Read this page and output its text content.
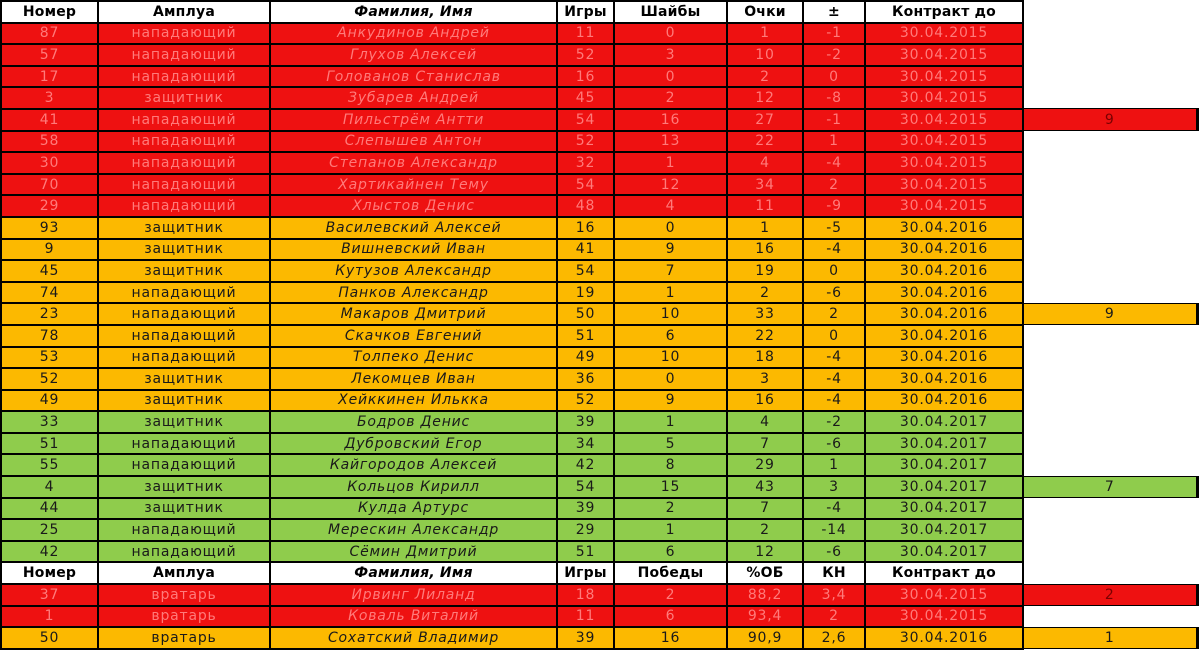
Номер	Амплуа	Фамилия, Имя	Игры	Шайбы	Очки	±	Контракт до	
87	нападающий	Анкудинов Андрей	11	0	1	-1	30.04.2015	
57	нападающий	Глухов Алексей	52	3	10	-2	30.04.2015	
17	нападающий	Голованов Станислав	16	0	2	0	30.04.2015	
3	защитник	Зубарев Андрей	45	2	12	-8	30.04.2015	
41	нападающий	Пильстрём Антти	54	16	27	-1	30.04.2015	9
58	нападающий	Слепышев Антон	52	13	22	1	30.04.2015	
30	нападающий	Степанов Александр	32	1	4	-4	30.04.2015	
70	нападающий	Хартикайнен Тему	54	12	34	2	30.04.2015	
29	нападающий	Хлыстов Денис	48	4	11	-9	30.04.2015	
93	защитник	Василевский Алексей	16	0	1	-5	30.04.2016	
9	защитник	Вишневский Иван	41	9	16	-4	30.04.2016	
45	защитник	Кутузов Александр	54	7	19	0	30.04.2016	
74	нападающий	Панков Александр	19	1	2	-6	30.04.2016	
23	нападающий	Макаров Дмитрий	50	10	33	2	30.04.2016	9
78	нападающий	Скачков Евгений	51	6	22	0	30.04.2016	
53	нападающий	Толпеко Денис	49	10	18	-4	30.04.2016	
52	защитник	Лекомцев Иван	36	0	3	-4	30.04.2016	
49	защитник	Хейккинен Илькка	52	9	16	-4	30.04.2016	
33	защитник	Бодров Денис	39	1	4	-2	30.04.2017	
51	нападающий	Дубровский Егор	34	5	7	-6	30.04.2017	
55	нападающий	Кайгородов Алексей	42	8	29	1	30.04.2017	
4	защитник	Кольцов Кирилл	54	15	43	3	30.04.2017	7
44	защитник	Кулда Артурс	39	2	7	-4	30.04.2017	
25	нападающий	Мерескин Александр	29	1	2	-14	30.04.2017	
42	нападающий	Сёмин Дмитрий	51	6	12	-6	30.04.2017	
Номер	Амплуа	Фамилия, Имя	Игры	Победы	%ОБ	КН	Контракт до	
37	вратарь	Ирвинг Лиланд	18	2	88,2	3,4	30.04.2015	2
1	вратарь	Коваль Виталий	11	6	93,4	2	30.04.2015	
50	вратарь	Сохатский Владимир	39	16	90,9	2,6	30.04.2016	1
